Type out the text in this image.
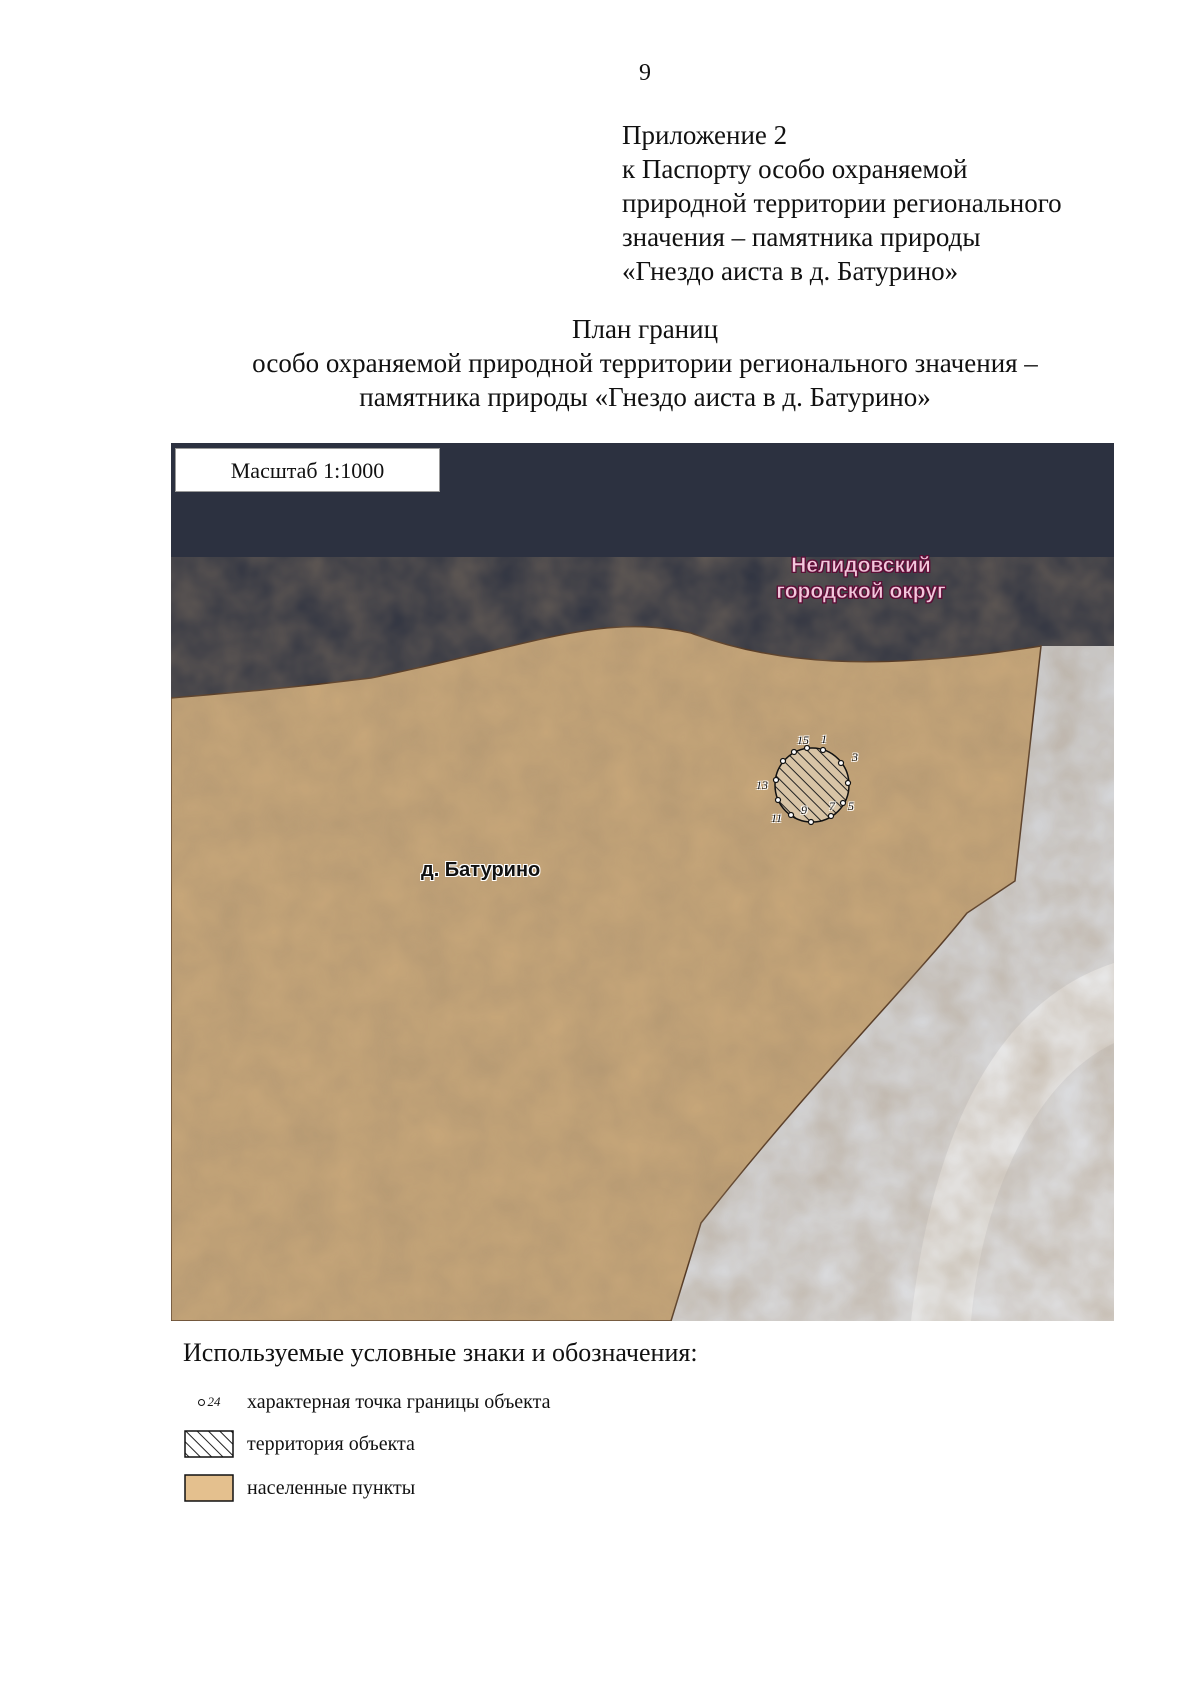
9
Приложение 2
к Паспорту особо охраняемой
природной территории регионального
значения – памятника природы
«Гнездо аиста в д. Батурино»
План границ
особо охраняемой природной территории регионального значения –
памятника природы «Гнездо аиста в д. Батурино»
Масштаб 1:1000
Нелидовский
городской округ
д. Батурино
15 1
3
13
11
9 7 5
Используемые условные знаки и обозначения:
24 характерная точка границы объекта
территория объекта
населенные пункты
